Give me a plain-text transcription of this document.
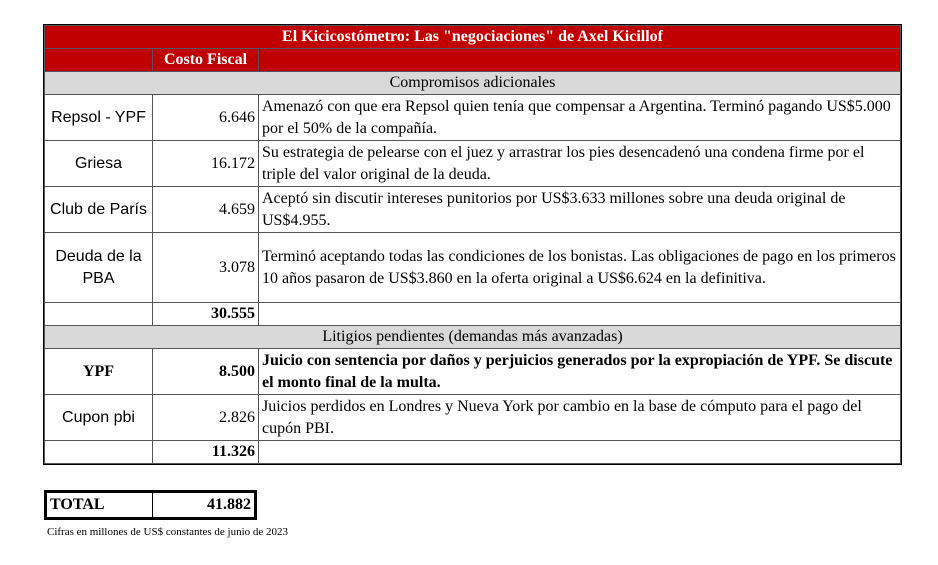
El Kicicostómetro: Las "negociaciones" de Axel Kicillof		
	Costo Fiscal	
Compromisos adicionales		
Repsol - YPF	6.646	Amenazó con que era Repsol quien tenía que compensar a Argentina. Terminó pagando US$5.000 por el 50% de la compañía.
Griesa	16.172	Su estrategia de pelearse con el juez y arrastrar los pies desencadenó una condena firme por el triple del valor original de la deuda.
Club de París	4.659	Aceptó sin discutir intereses punitorios por US$3.633 millones sobre una deuda original de US$4.955.
Deuda de la PBA	3.078	Terminó aceptando todas las condiciones de los bonistas. Las obligaciones de pago en los primeros 10 años pasaron de US$3.860 en la oferta original a US$6.624 en la definitiva.
	30.555	
Litigios pendientes (demandas más avanzadas)		
YPF	8.500	Juicio con sentencia por daños y perjuicios generados por la expropiación de YPF. Se discute el monto final de la multa.
Cupon pbi	2.826	Juicios perdidos en Londres y Nueva York por cambio en la base de cómputo para el pago del cupón PBI.
	11.326	
TOTAL	41.882
Cifras en millones de US$ constantes de junio de 2023
